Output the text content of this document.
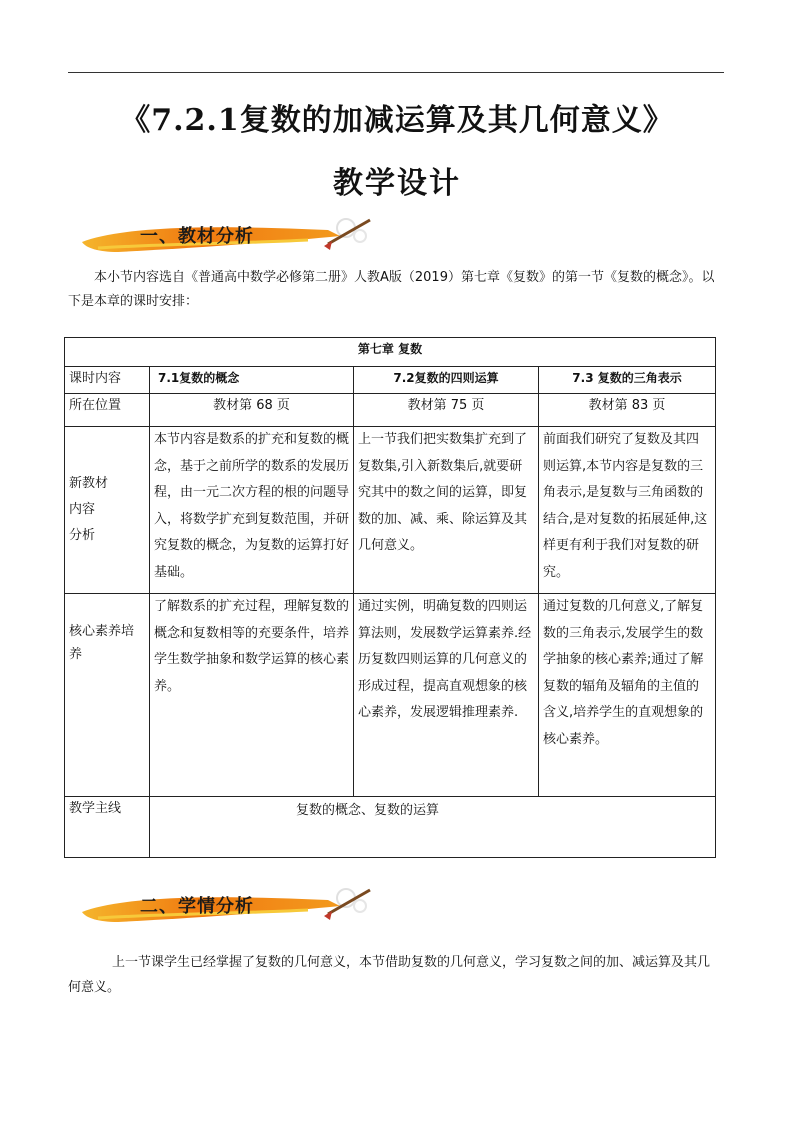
《7.2.1复数的加减运算及其几何意义》
教学设计
一、教材分析

本小节内容选自《普通高中数学必修第二册》人教A版（2019）第七章《复数》的第一节《复数的概念》。以下是本章的课时安排：

第七章 复数			
课时内容	7.1复数的概念	7.2复数的四则运算	7.3 复数的三角表示
所在位置	教材第 68 页	教材第 75 页	教材第 83 页
新教材
内容
分析	本节内容是数系的扩充和复数的概念，基于之前所学的数系的发展历程，由一元二次方程的根的问题导入，将数学扩充到复数范围，并研究复数的概念，为复数的运算打好基础。	上一节我们把实数集扩充到了复数集,引入新数集后,就要研究其中的数之间的运算，即复数的加、减、乘、除运算及其几何意义。	前面我们研究了复数及其四则运算,本节内容是复数的三角表示,是复数与三角函数的结合,是对复数的拓展延伸,这样更有利于我们对复数的研究。
核心素养培养	了解数系的扩充过程，理解复数的概念和复数相等的充要条件，培养学生数学抽象和数学运算的核心素养。	通过实例，明确复数的四则运算法则，发展数学运算素养.经历复数四则运算的几何意义的形成过程，提高直观想象的核心素养，发展逻辑推理素养.	通过复数的几何意义,了解复数的三角表示,发展学生的数学抽象的核心素养;通过了解复数的辐角及辐角的主值的含义,培养学生的直观想象的核心素养。
教学主线	复数的概念、复数的运算		
二、学情分析

上一节课学生已经掌握了复数的几何意义，本节借助复数的几何意义，学习复数之间的加、减运算及其几何意义。
